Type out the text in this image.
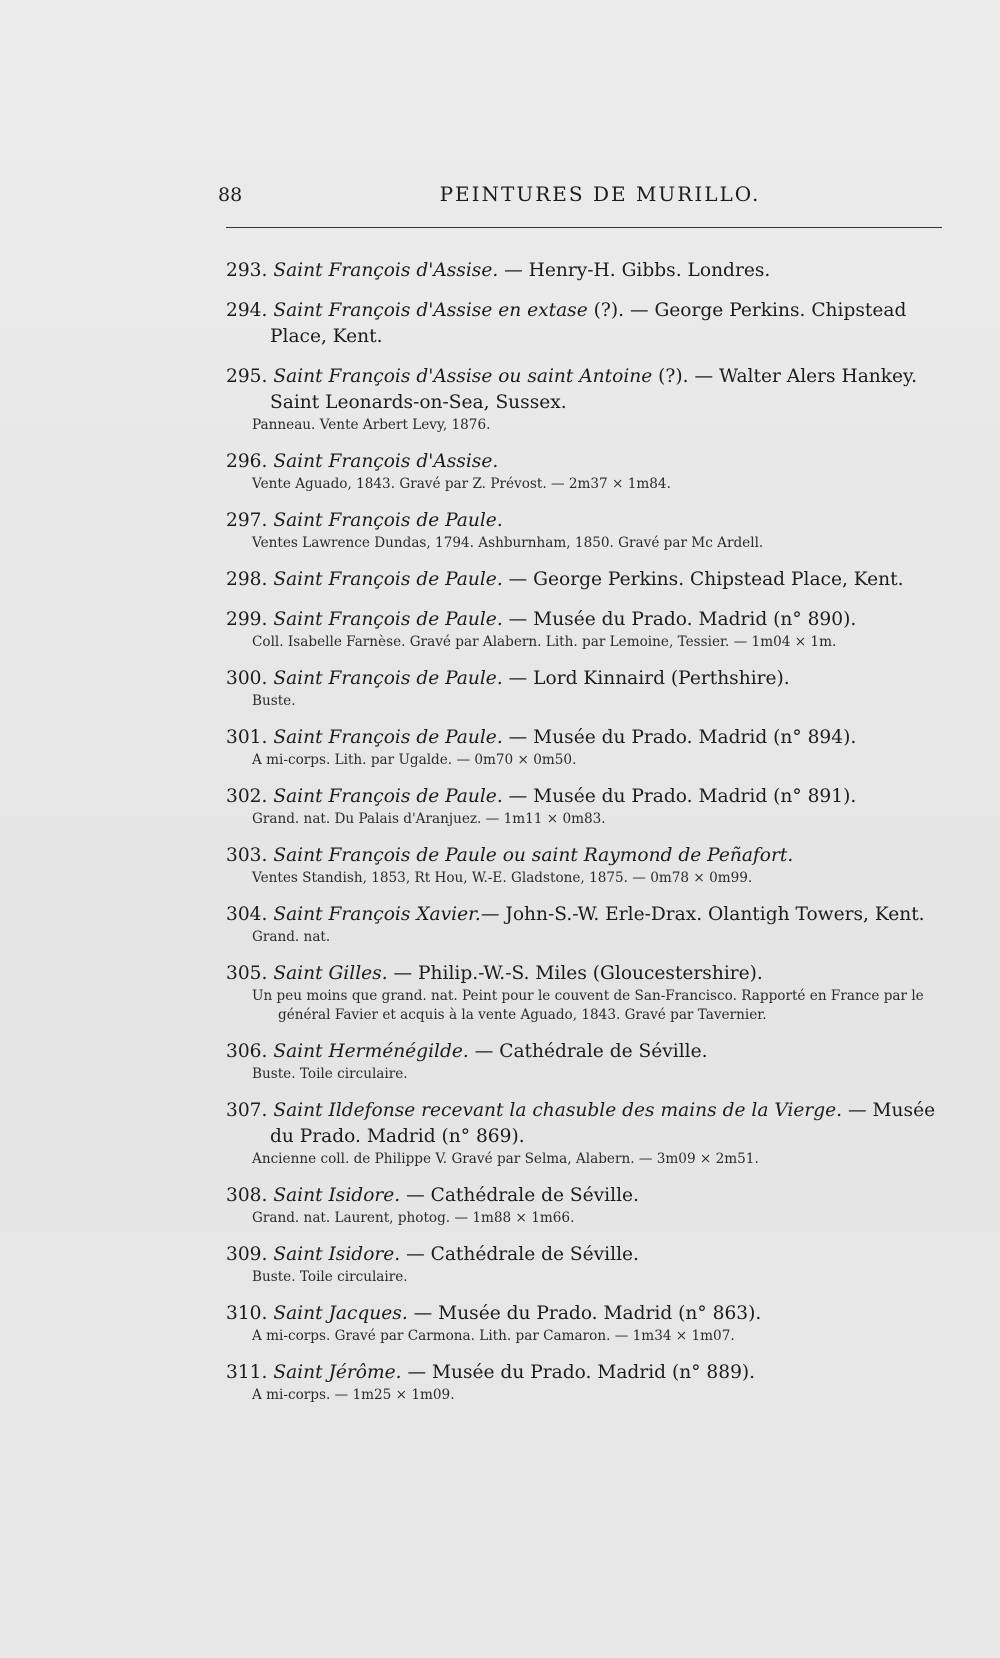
88	PEINTURES DE MURILLO.
293. Saint François d'Assise. — Henry-H. Gibbs. Londres.
294. Saint François d'Assise en extase (?). — George Perkins. Chipstead Place, Kent.
295. Saint François d'Assise ou saint Antoine (?). — Walter Alers Hankey. Saint Leonards-on-Sea, Sussex.
Panneau. Vente Arbert Levy, 1876.
296. Saint François d'Assise.
Vente Aguado, 1843. Gravé par Z. Prévost. — 2m37 × 1m84.
297. Saint François de Paule.
Ventes Lawrence Dundas, 1794. Ashburnham, 1850. Gravé par Mc Ardell.
298. Saint François de Paule. — George Perkins. Chipstead Place, Kent.
299. Saint François de Paule. — Musée du Prado. Madrid (n° 890).
Coll. Isabelle Farnèse. Gravé par Alabern. Lith. par Lemoine, Tessier. — 1m04 × 1m.
300. Saint François de Paule. — Lord Kinnaird (Perthshire).
Buste.
301. Saint François de Paule. — Musée du Prado. Madrid (n° 894).
A mi-corps. Lith. par Ugalde. — 0m70 × 0m50.
302. Saint François de Paule. — Musée du Prado. Madrid (n° 891).
Grand. nat. Du Palais d'Aranjuez. — 1m11 × 0m83.
303. Saint François de Paule ou saint Raymond de Peñafort.
Ventes Standish, 1853, Rt Hou, W.-E. Gladstone, 1875. — 0m78 × 0m99.
304. Saint François Xavier.— John-S.-W. Erle-Drax. Olantigh Towers, Kent.
Grand. nat.
305. Saint Gilles. — Philip.-W.-S. Miles (Gloucestershire).
Un peu moins que grand. nat. Peint pour le couvent de San-Francisco. Rapporté en France par le général Favier et acquis à la vente Aguado, 1843. Gravé par Tavernier.
306. Saint Herménégilde. — Cathédrale de Séville.
Buste. Toile circulaire.
307. Saint Ildefonse recevant la chasuble des mains de la Vierge. — Musée du Prado. Madrid (n° 869).
Ancienne coll. de Philippe V. Gravé par Selma, Alabern. — 3m09 × 2m51.
308. Saint Isidore. — Cathédrale de Séville.
Grand. nat. Laurent, photog. — 1m88 × 1m66.
309. Saint Isidore. — Cathédrale de Séville.
Buste. Toile circulaire.
310. Saint Jacques. — Musée du Prado. Madrid (n° 863).
A mi-corps. Gravé par Carmona. Lith. par Camaron. — 1m34 × 1m07.
311. Saint Jérôme. — Musée du Prado. Madrid (n° 889).
A mi-corps. — 1m25 × 1m09.
